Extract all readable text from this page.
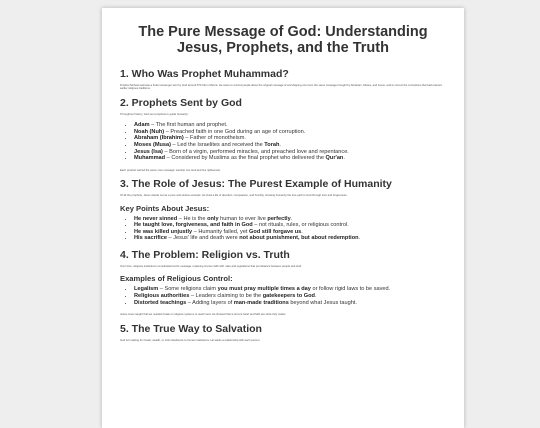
The Pure Message of God: Understanding
Jesus, Prophets, and the Truth
1. Who Was Prophet Muhammad?

Prophet Muhammad was a final messenger sent by God around 570 CE in Mecca. He came to remind people about the original message of worshipping one God, the same message brought by Abraham, Moses, and Jesus, and to correct the corruptions that had entered earlier religious traditions.

2. Prophets Sent by God

Throughout history, God sent prophets to guide humanity:

• Adam – The first human and prophet.
• Noah (Nuh) – Preached faith in one God during an age of corruption.
• Abraham (Ibrahim) – Father of monotheism.
• Moses (Musa) – Led the Israelites and received the Torah.
• Jesus (Isa) – Born of a virgin, performed miracles, and preached love and repentance.
• Muhammad – Considered by Muslims as the final prophet who delivered the Qur'an.

Each prophet carried the same core message: worship one God and live righteously.

3. The Role of Jesus: The Purest Example of Humanity

Of all the prophets, Jesus stands out as a pure and sinless example. He lived a life of devotion, compassion, and humility, showing humanity the true path to God through love and forgiveness.

Key Points About Jesus:
• He never sinned – He is the only human to ever live perfectly.
• He taught love, forgiveness, and faith in God – not rituals, rules, or religious control.
• He was killed unjustly – Humanity failed, yet God still forgave us.
• His sacrifice – Jesus' life and death were not about punishment, but about redemption.
4. The Problem: Religion vs. Truth

Over time, religious institutions complicated God's message, replacing sincere faith with rules and regulations that put distance between people and God.

Examples of Religious Control:
• Legalism – Some religions claim you must pray multiple times a day or follow rigid laws to be saved.
• Religious authorities – Leaders claiming to be the gatekeepers to God.
• Distorted teachings – Adding layers of man-made traditions beyond what Jesus taught.

Jesus never taught that we needed rituals or religious systems to reach God. He showed that a sincere heart and faith are what truly matter.

5. The True Way to Salvation

God isn't asking for rituals, wealth, or strict obedience to human institutions. He wants a relationship with each person.
